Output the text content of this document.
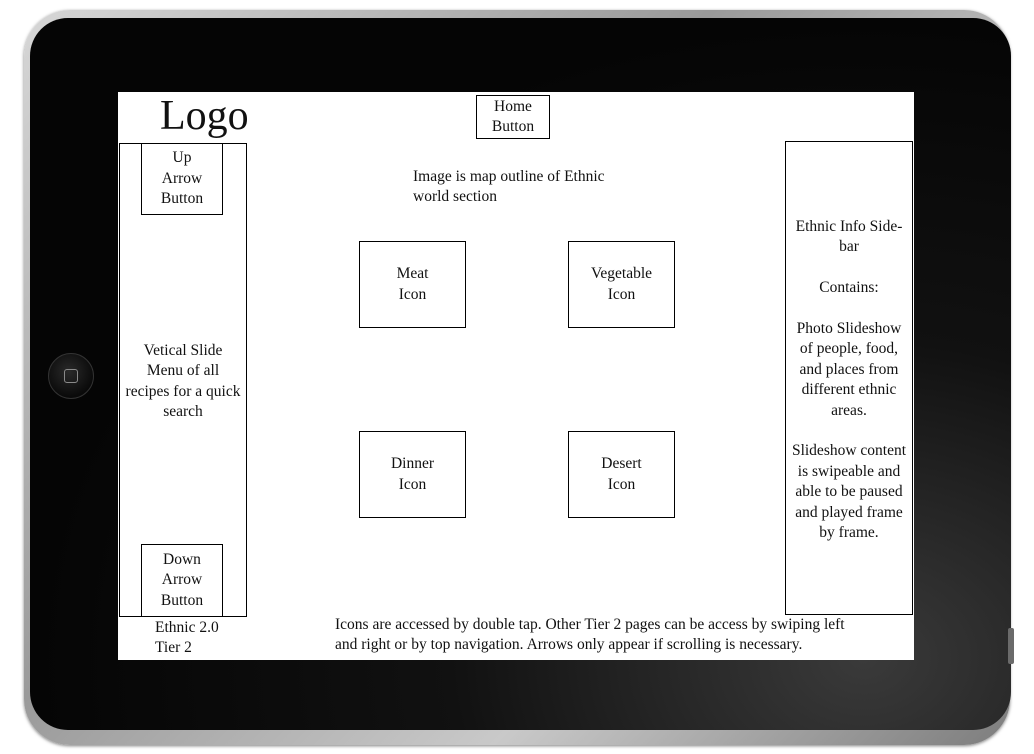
Logo	Home
Button
Image is map outline of Ethnic
world section
Up
Arrow
Button
Vetical Slide
Menu of all
recipes for a quick
search
Down
Arrow
Button
Meat
Icon
Vegetable
Icon
Dinner
Icon
Desert
Icon
Ethnic Info Side-
bar
Contains:
Photo Slideshow
of people, food,
and places from
different ethnic
areas.
Slideshow content
is swipeable and
able to be paused
and played frame
by frame.
Ethnic 2.0
Tier 2
Icons are accessed by double tap. Other Tier 2 pages can be access by swiping left
and right or by top navigation. Arrows only appear if scrolling is necessary.
